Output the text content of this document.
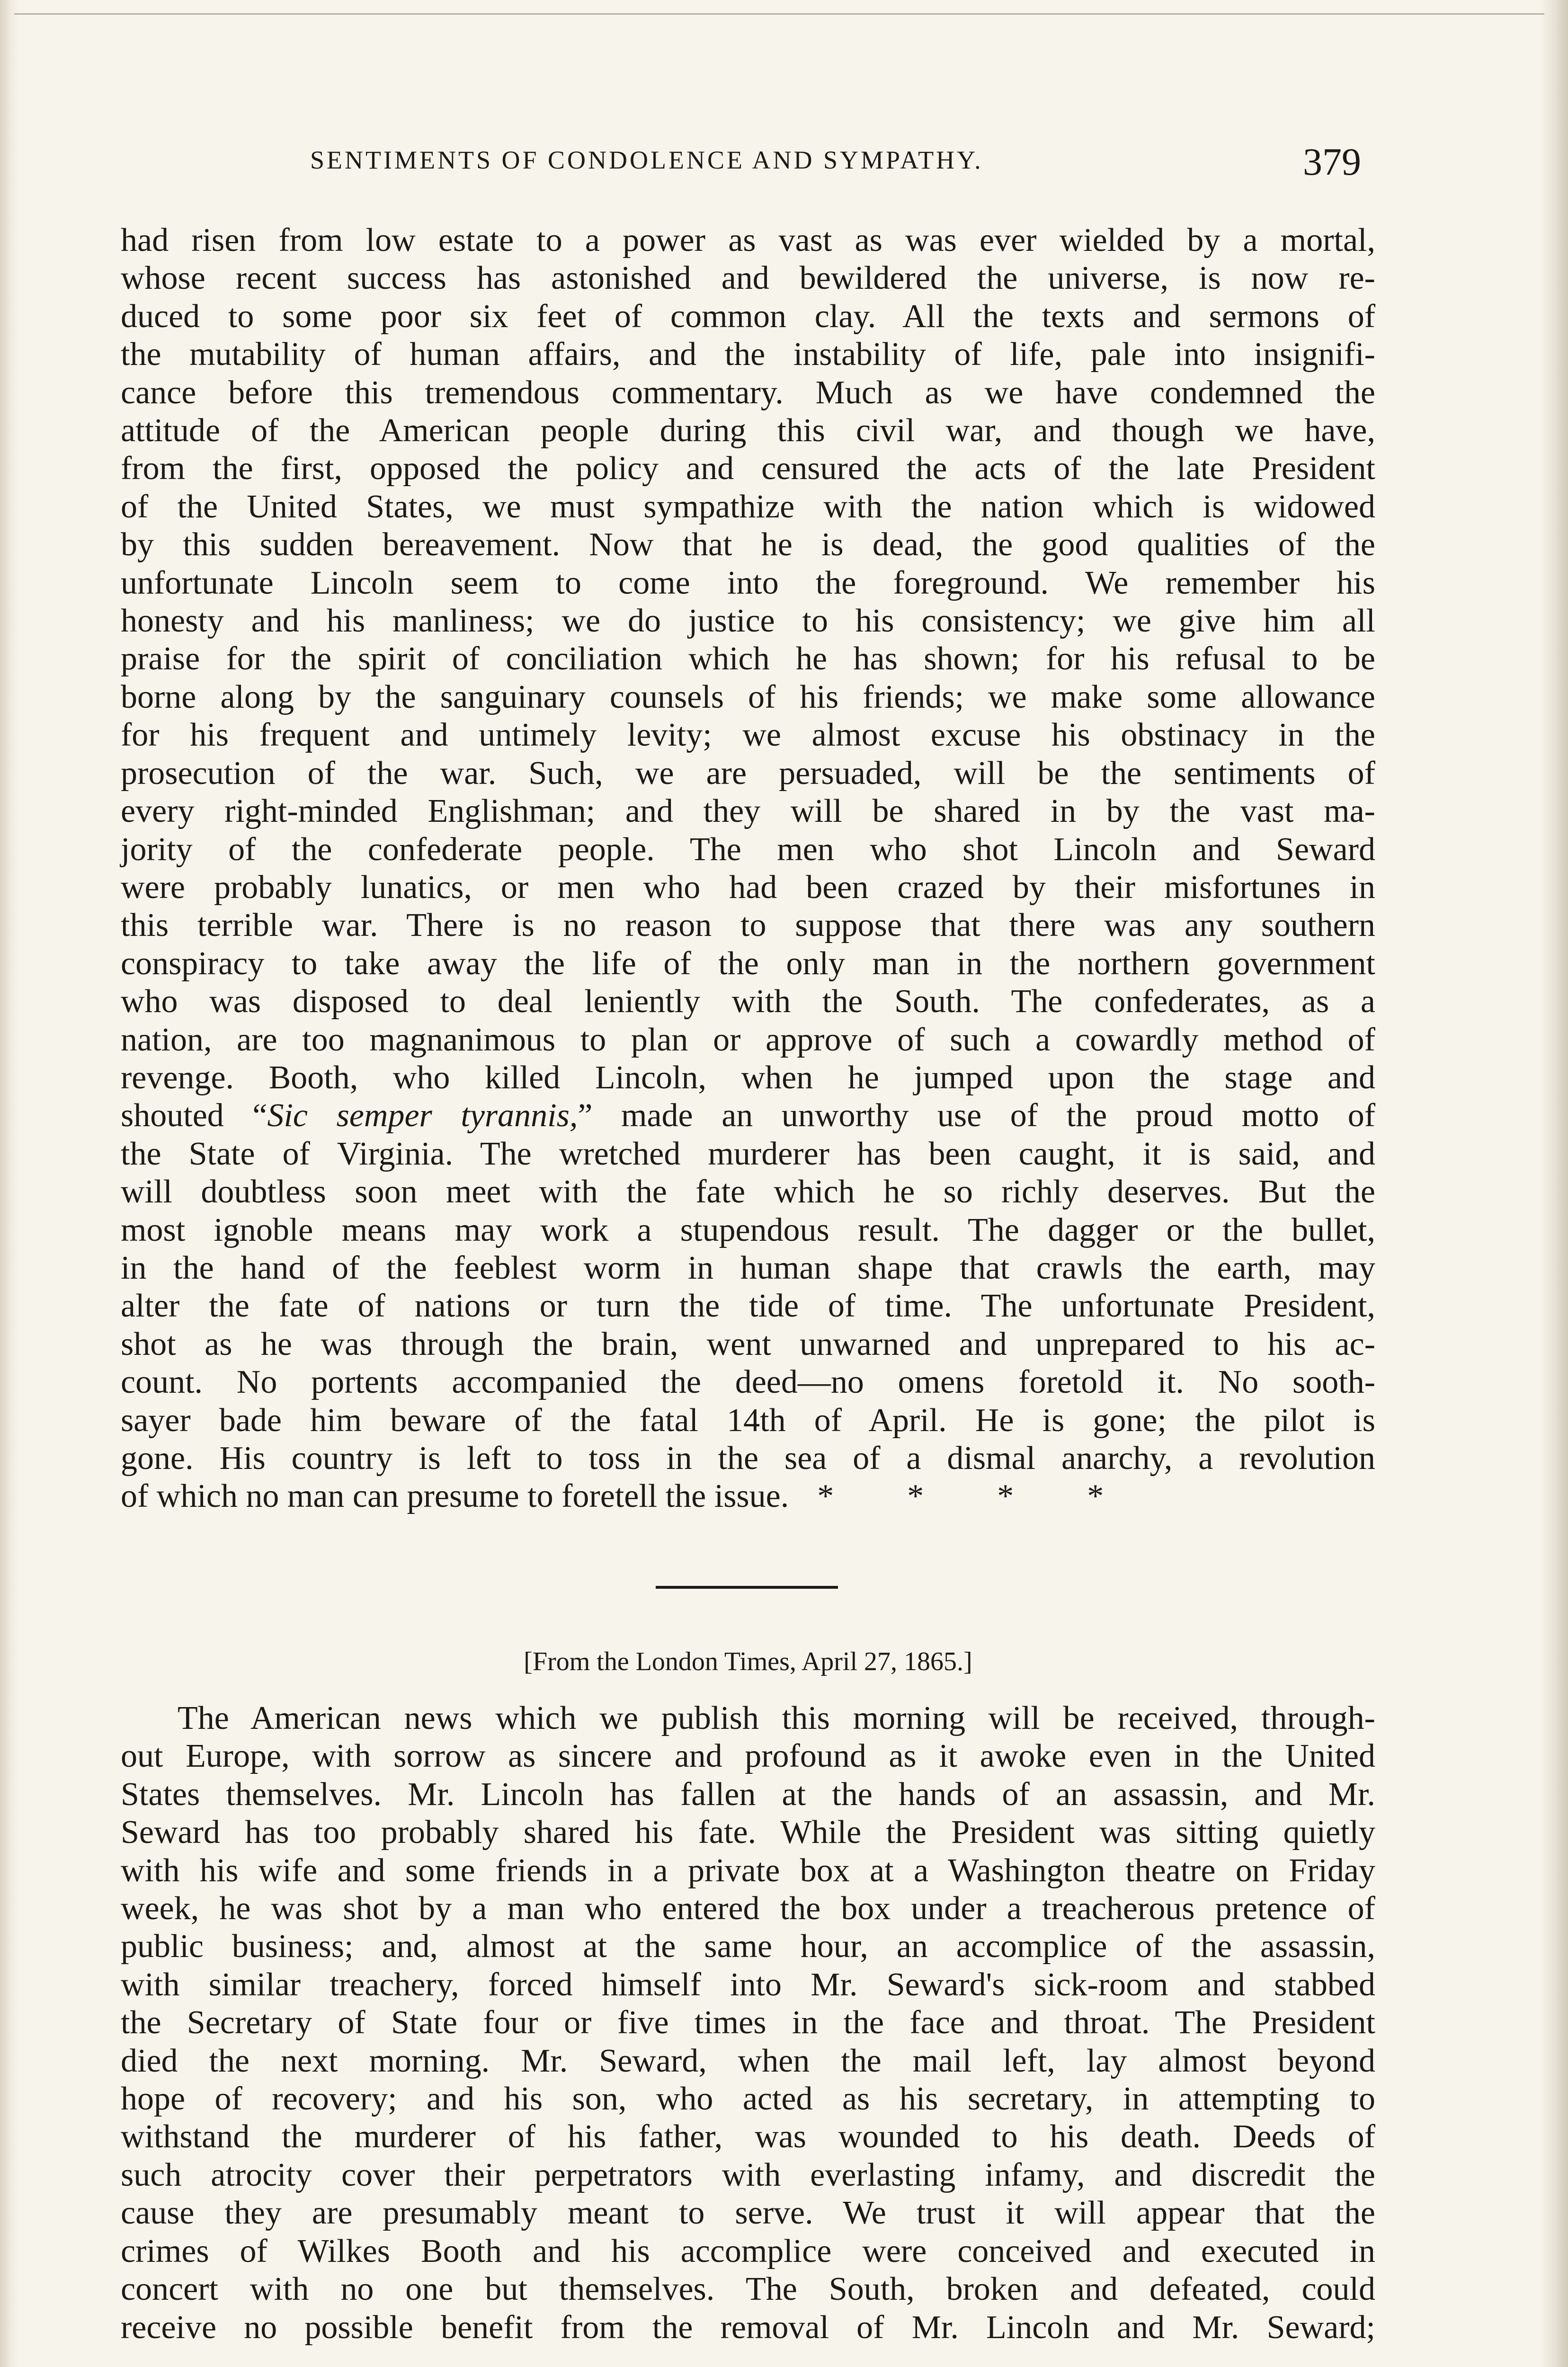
SENTIMENTS OF CONDOLENCE AND SYMPATHY.	379
had risen from low estate to a power as vast as was ever wielded by a mortal,
whose recent success has astonished and bewildered the universe, is now re-
duced to some poor six feet of common clay. All the texts and sermons of
the mutability of human affairs, and the instability of life, pale into insignifi-
cance before this tremendous commentary. Much as we have condemned the
attitude of the American people during this civil war, and though we have,
from the first, opposed the policy and censured the acts of the late President
of the United States, we must sympathize with the nation which is widowed
by this sudden bereavement. Now that he is dead, the good qualities of the
unfortunate Lincoln seem to come into the foreground. We remember his
honesty and his manliness; we do justice to his consistency; we give him all
praise for the spirit of conciliation which he has shown; for his refusal to be
borne along by the sanguinary counsels of his friends; we make some allowance
for his frequent and untimely levity; we almost excuse his obstinacy in the
prosecution of the war. Such, we are persuaded, will be the sentiments of
every right-minded Englishman; and they will be shared in by the vast ma-
jority of the confederate people. The men who shot Lincoln and Seward
were probably lunatics, or men who had been crazed by their misfortunes in
this terrible war. There is no reason to suppose that there was any southern
conspiracy to take away the life of the only man in the northern government
who was disposed to deal leniently with the South. The confederates, as a
nation, are too magnanimous to plan or approve of such a cowardly method of
revenge. Booth, who killed Lincoln, when he jumped upon the stage and
shouted “Sic semper tyrannis,” made an unworthy use of the proud motto of
the State of Virginia. The wretched murderer has been caught, it is said, and
will doubtless soon meet with the fate which he so richly deserves. But the
most ignoble means may work a stupendous result. The dagger or the bullet,
in the hand of the feeblest worm in human shape that crawls the earth, may
alter the fate of nations or turn the tide of time. The unfortunate President,
shot as he was through the brain, went unwarned and unprepared to his ac-
count. No portents accompanied the deed—no omens foretold it. No sooth-
sayer bade him beware of the fatal 14th of April. He is gone; the pilot is
gone. His country is left to toss in the sea of a dismal anarchy, a revolution
of which no man can presume to foretell the issue. * * * *
[From the London Times, April 27, 1865.]
The American news which we publish this morning will be received, through-
out Europe, with sorrow as sincere and profound as it awoke even in the United
States themselves. Mr. Lincoln has fallen at the hands of an assassin, and Mr.
Seward has too probably shared his fate. While the President was sitting quietly
with his wife and some friends in a private box at a Washington theatre on Friday
week, he was shot by a man who entered the box under a treacherous pretence of
public business; and, almost at the same hour, an accomplice of the assassin,
with similar treachery, forced himself into Mr. Seward's sick-room and stabbed
the Secretary of State four or five times in the face and throat. The President
died the next morning. Mr. Seward, when the mail left, lay almost beyond
hope of recovery; and his son, who acted as his secretary, in attempting to
withstand the murderer of his father, was wounded to his death. Deeds of
such atrocity cover their perpetrators with everlasting infamy, and discredit the
cause they are presumably meant to serve. We trust it will appear that the
crimes of Wilkes Booth and his accomplice were conceived and executed in
concert with no one but themselves. The South, broken and defeated, could
receive no possible benefit from the removal of Mr. Lincoln and Mr. Seward;
